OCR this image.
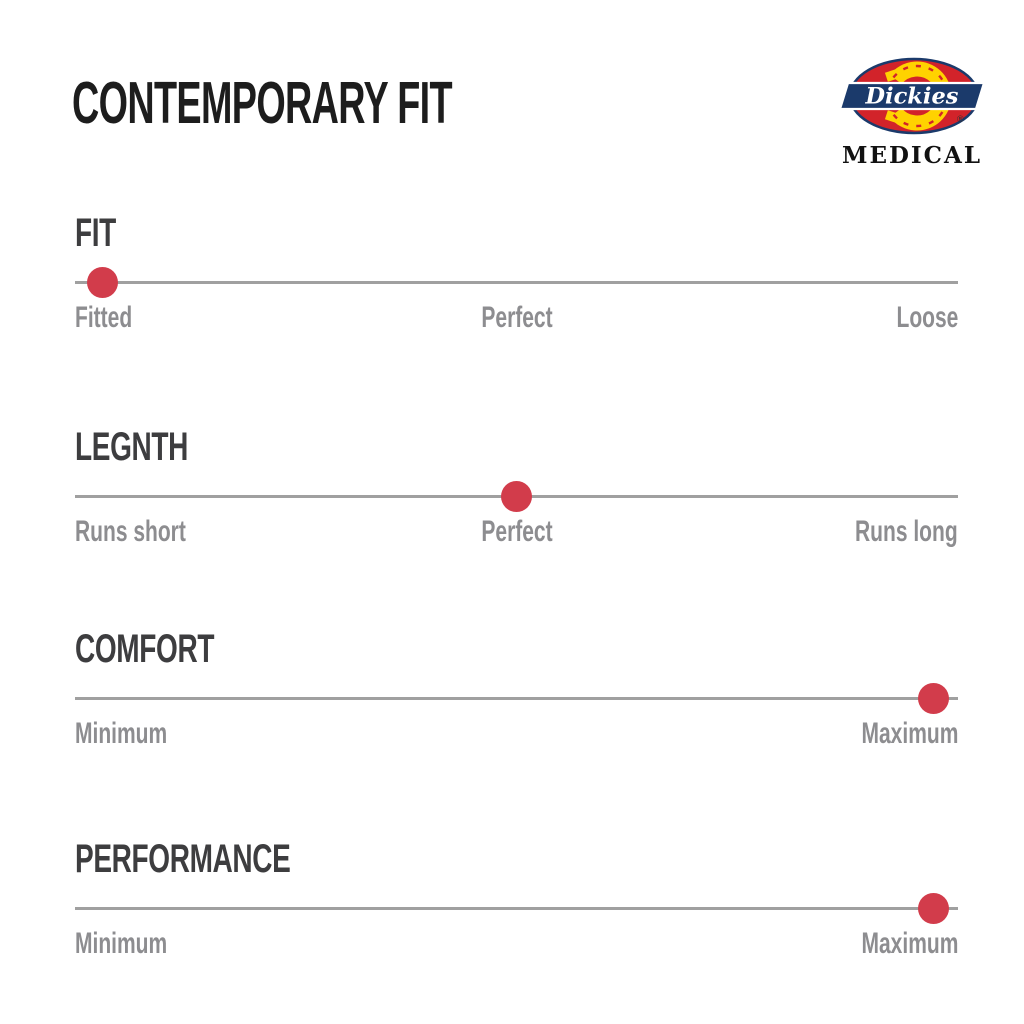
CONTEMPORARY FIT	Dickies
®
MEDICAL
FIT
Fitted	Perfect	Loose
LEGNTH
Runs short	Perfect	Runs long
COMFORT
Minimum	Maximum
PERFORMANCE
Minimum	Maximum
